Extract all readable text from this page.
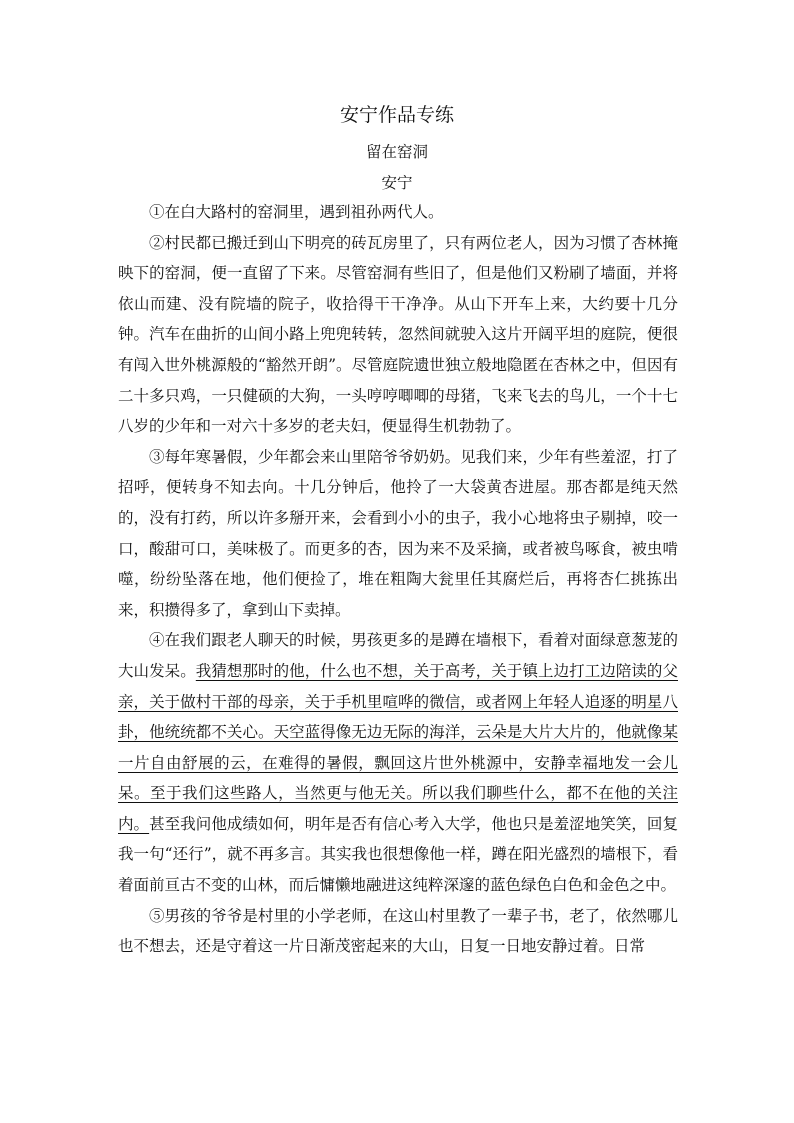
安宁作品专练
留在窑洞
安宁

①在白大路村的窑洞里，遇到祖孙两代人。

②村民都已搬迁到山下明亮的砖瓦房里了，只有两位老人，因为习惯了杏林掩映下的窑洞，便一直留了下来。尽管窑洞有些旧了，但是他们又粉刷了墙面，并将依山而建、没有院墙的院子，收拾得干干净净。从山下开车上来，大约要十几分钟。汽车在曲折的山间小路上兜兜转转，忽然间就驶入这片开阔平坦的庭院，便很有闯入世外桃源般的“豁然开朗”。尽管庭院遗世独立般地隐匿在杏林之中，但因有二十多只鸡，一只健硕的大狗，一头哼哼唧唧的母猪，飞来飞去的鸟儿，一个十七八岁的少年和一对六十多岁的老夫妇，便显得生机勃勃了。

③每年寒暑假，少年都会来山里陪爷爷奶奶。见我们来，少年有些羞涩，打了招呼，便转身不知去向。十几分钟后，他拎了一大袋黄杏进屋。那杏都是纯天然的，没有打药，所以许多掰开来，会看到小小的虫子，我小心地将虫子剔掉，咬一口，酸甜可口，美味极了。而更多的杏，因为来不及采摘，或者被鸟啄食，被虫啃噬，纷纷坠落在地，他们便捡了，堆在粗陶大瓮里任其腐烂后，再将杏仁挑拣出来，积攒得多了，拿到山下卖掉。

④在我们跟老人聊天的时候，男孩更多的是蹲在墙根下，看着对面绿意葱茏的大山发呆。我猜想那时的他，什么也不想，关于高考，关于镇上边打工边陪读的父亲，关于做村干部的母亲，关于手机里喧哗的微信，或者网上年轻人追逐的明星八卦，他统统都不关心。天空蓝得像无边无际的海洋，云朵是大片大片的，他就像某一片自由舒展的云，在难得的暑假，飘回这片世外桃源中，安静幸福地发一会儿呆。至于我们这些路人，当然更与他无关。所以我们聊些什么，都不在他的关注内。甚至我问他成绩如何，明年是否有信心考入大学，他也只是羞涩地笑笑，回复我一句“还行”，就不再多言。其实我也很想像他一样，蹲在阳光盛烈的墙根下，看着面前亘古不变的山林，而后慵懒地融进这纯粹深邃的蓝色绿色白色和金色之中。

⑤男孩的爷爷是村里的小学老师，在这山村里教了一辈子书，老了，依然哪儿也不想去，还是守着这一片日渐茂密起来的大山，日复一日地安静过着。日常
